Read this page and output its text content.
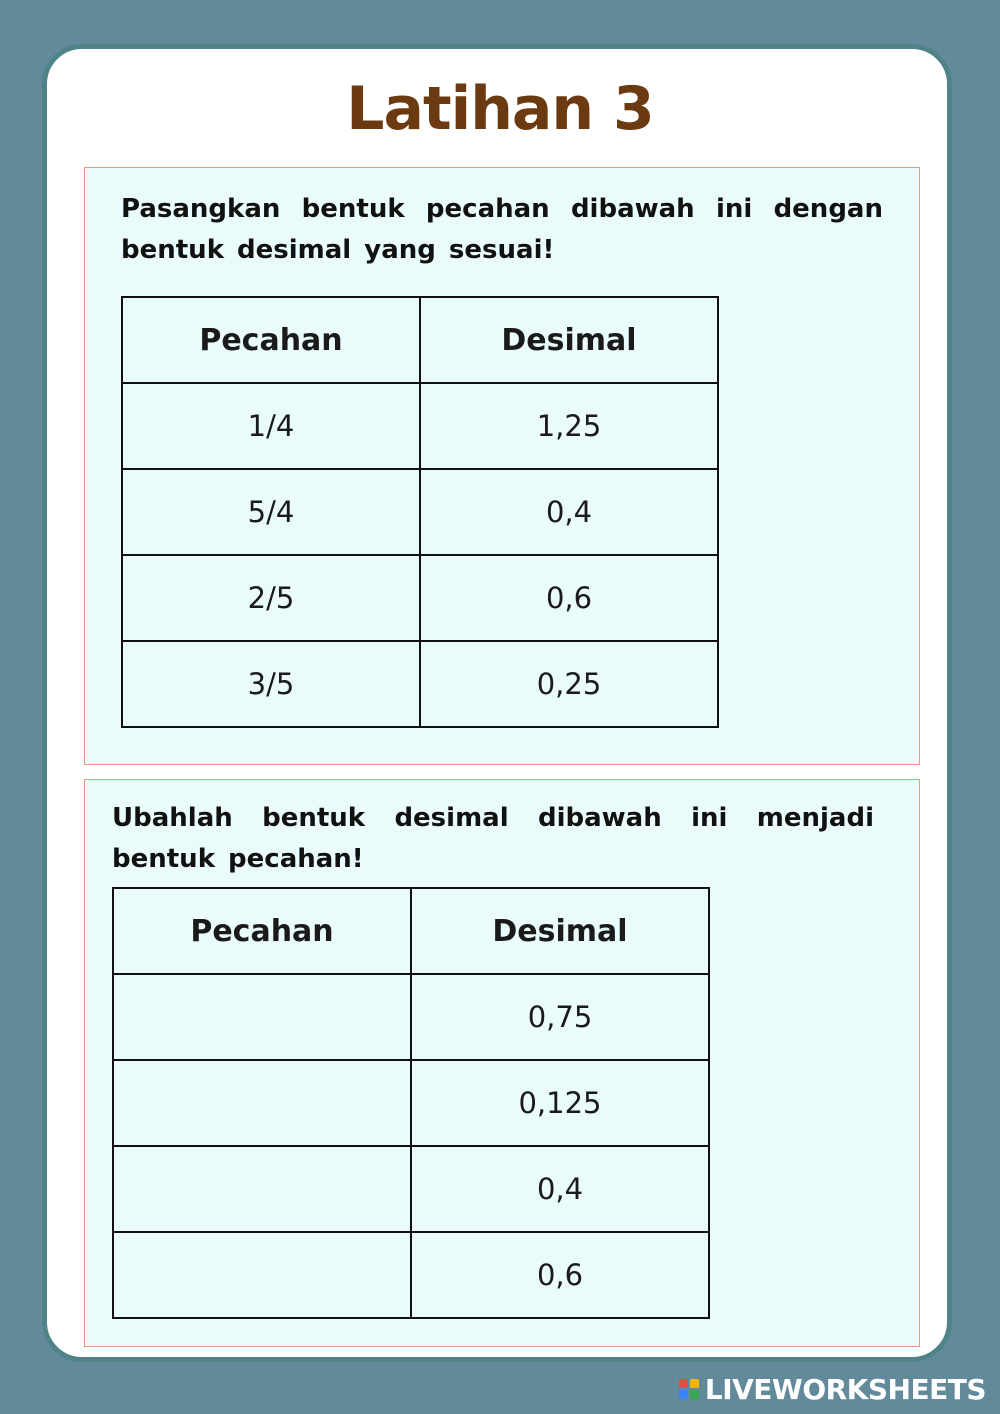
Latihan 3

Pasangkan bentuk pecahan dibawah ini dengan bentuk desimal yang sesuai!

Pecahan	Desimal
1/4	1,25
5/4	0,4
2/5	0,6
3/5	0,25

Ubahlah bentuk desimal dibawah ini menjadi bentuk pecahan!

Pecahan	Desimal
	0,75
	0,125
	0,4
	0,6
LIVEWORKSHEETS
